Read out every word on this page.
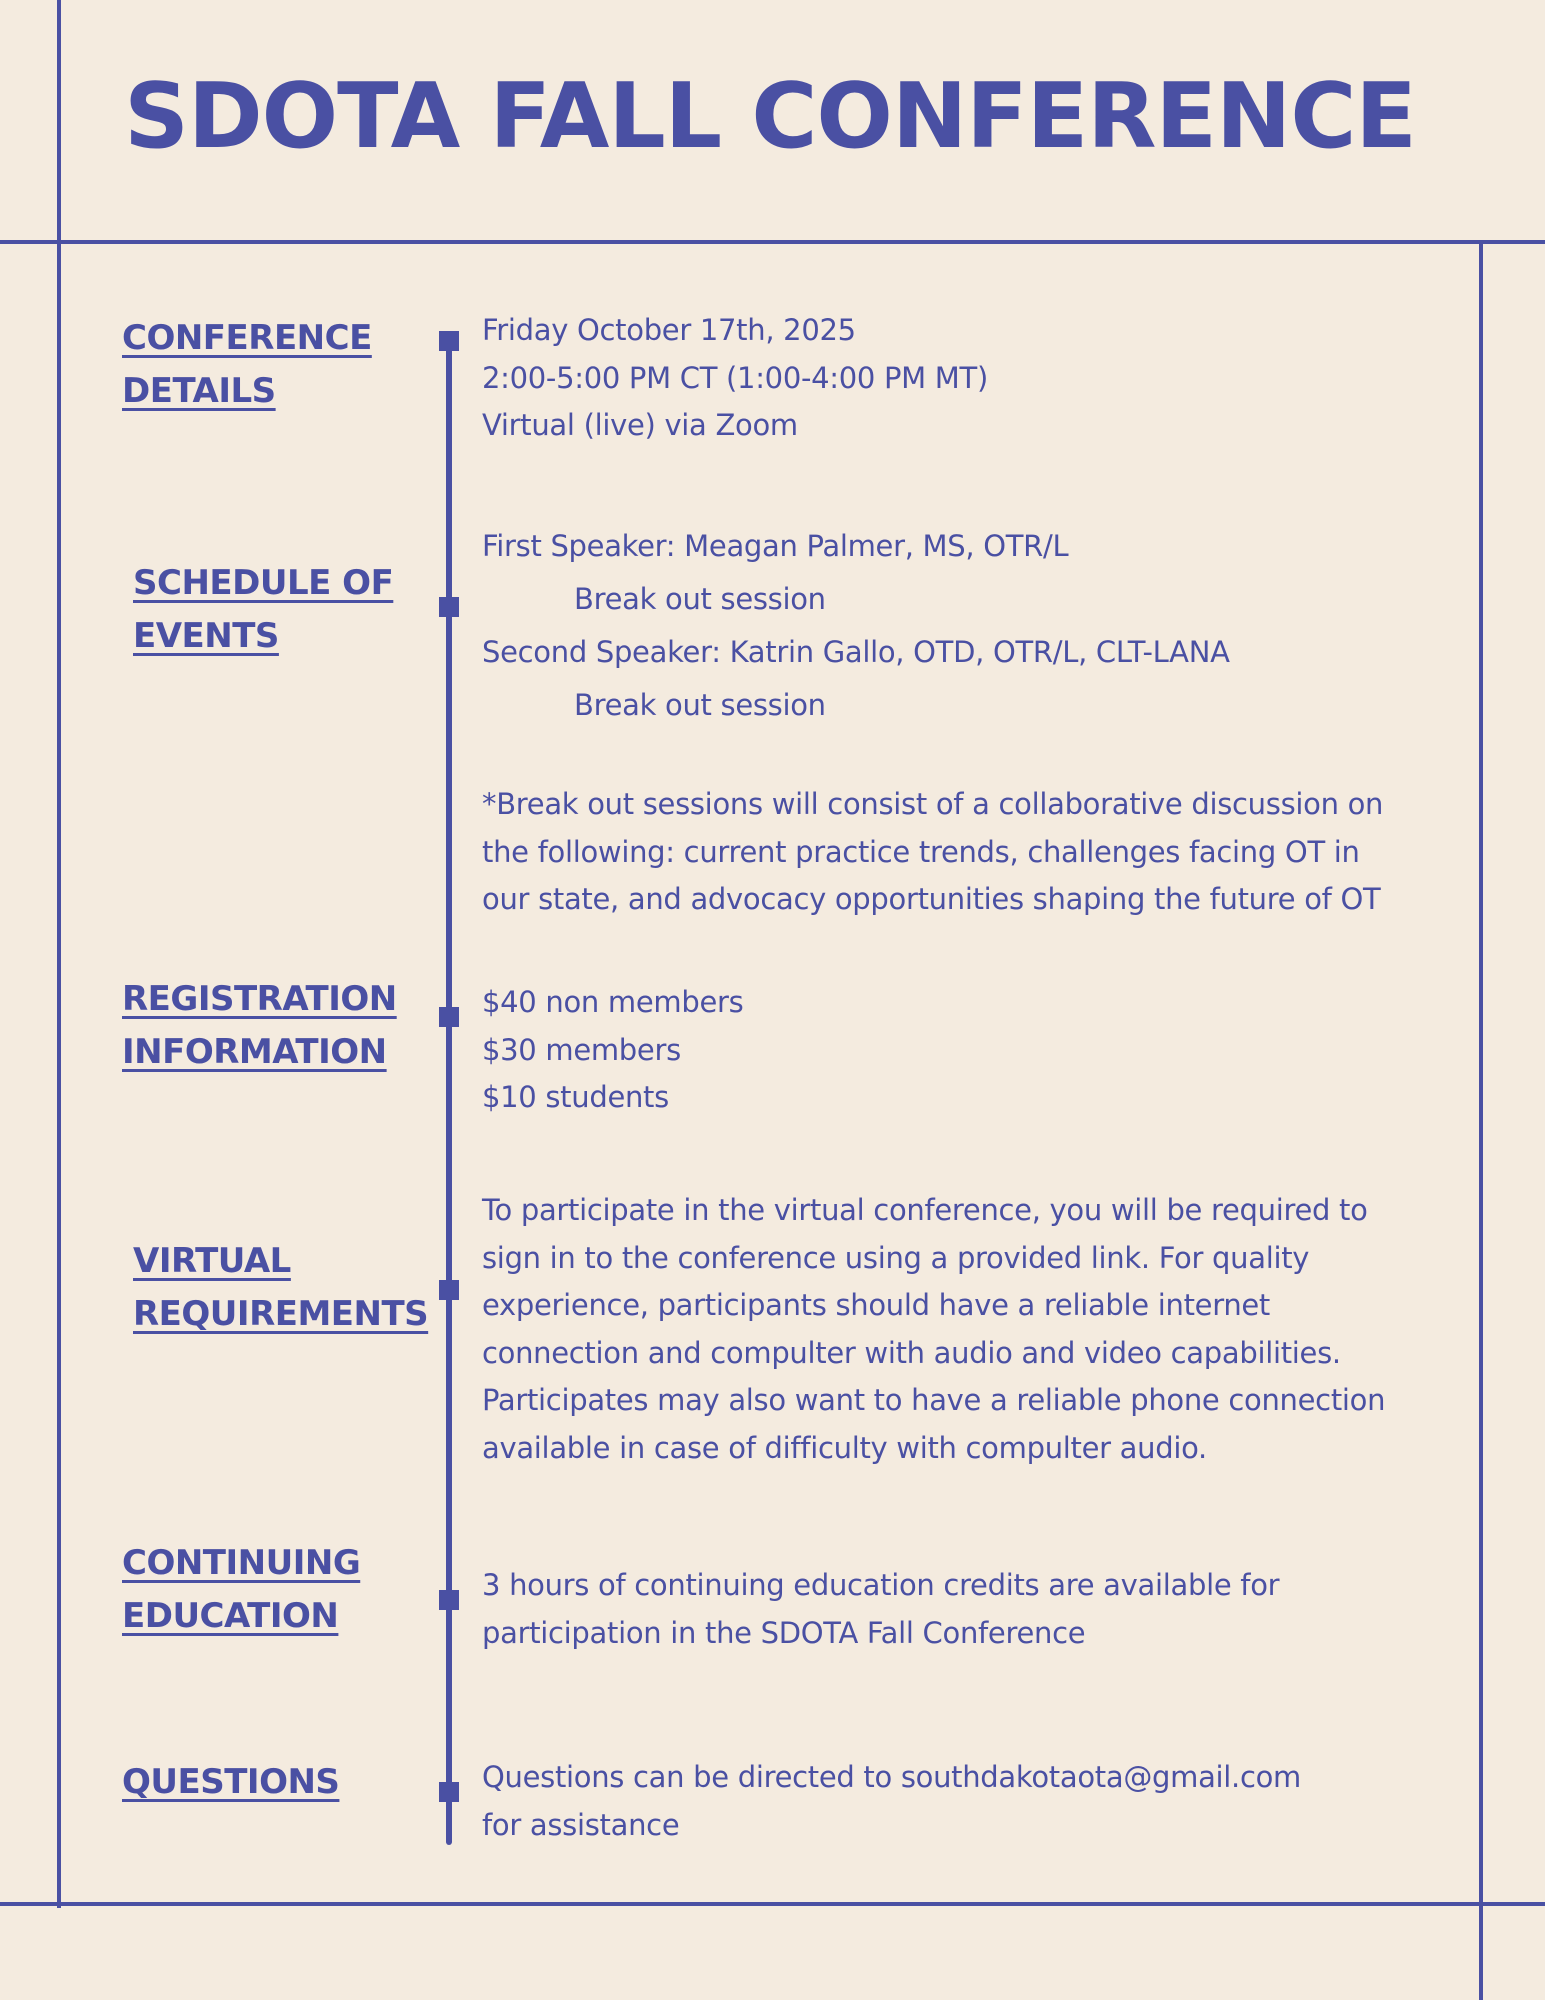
SDOTA FALL CONFERENCE
CONFERENCE
DETAILS

Friday October 17th, 2025

2:00-5:00 PM CT (1:00-4:00 PM MT)

Virtual (live) via Zoom

SCHEDULE OF
EVENTS

First Speaker: Meagan Palmer, MS, OTR/L

Break out session

Second Speaker: Katrin Gallo, OTD, OTR/L, CLT-LANA

Break out session

*Break out sessions will consist of a collaborative discussion on

the following: current practice trends, challenges facing OT in

our state, and advocacy opportunities shaping the future of OT

REGISTRATION
INFORMATION

$40 non members

$30 members

$10 students

VIRTUAL
REQUIREMENTS

To participate in the virtual conference, you will be required to

sign in to the conference using a provided link. For quality

experience, participants should have a reliable internet

connection and compulter with audio and video capabilities.

Participates may also want to have a reliable phone connection

available in case of difficulty with compulter audio.

CONTINUING
EDUCATION

3 hours of continuing education credits are available for

participation in the SDOTA Fall Conference

QUESTIONS	Questions can be directed to southdakotaota@gmail.com

for assistance
